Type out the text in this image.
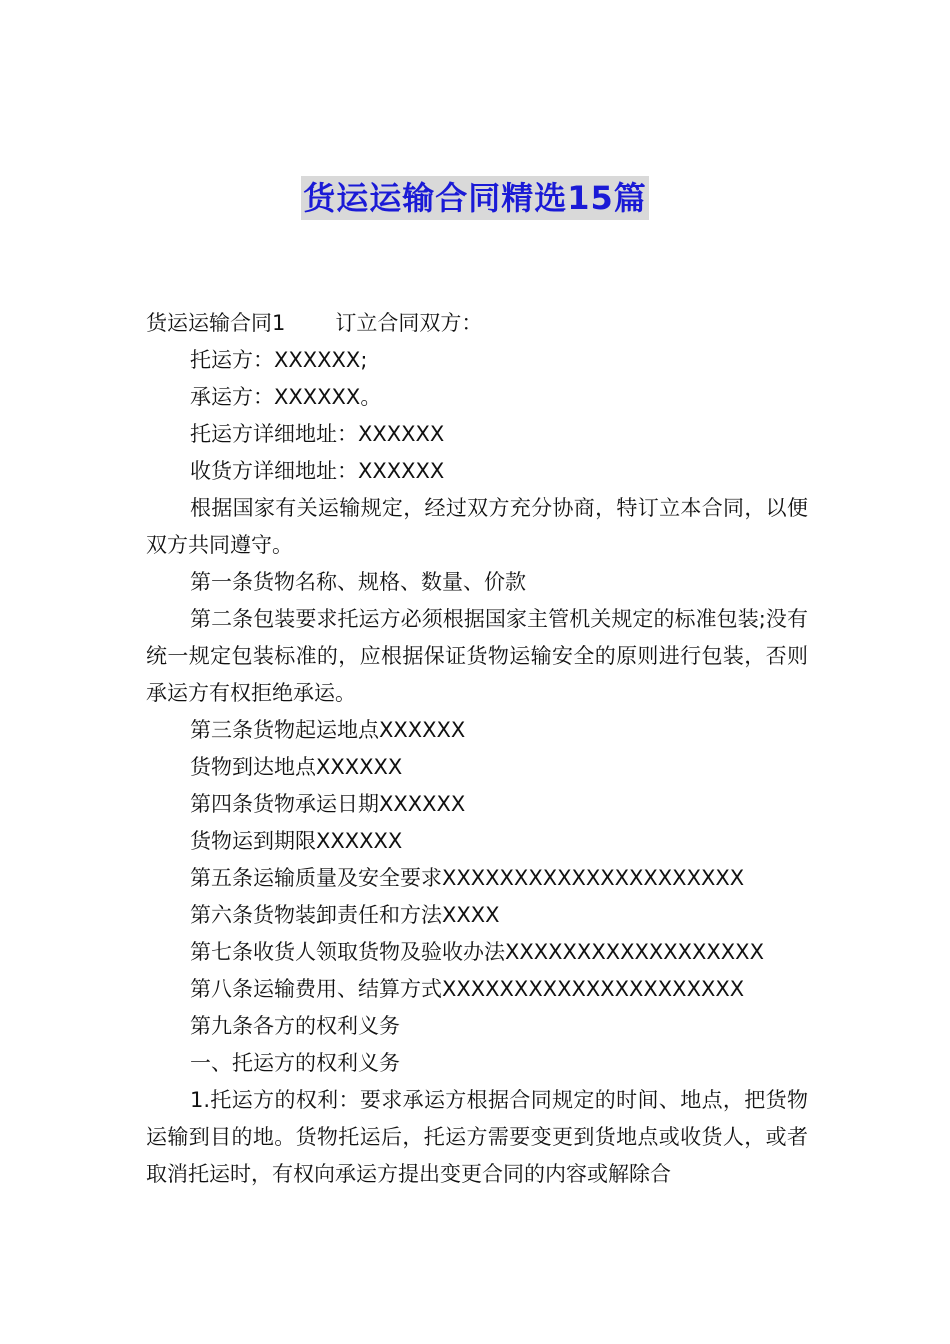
货运运输合同精选15篇

货运运输合同1 订立合同双方：

托运方：XXXXXX;

承运方：XXXXXX。

托运方详细地址：XXXXXX

收货方详细地址：XXXXXX

根据国家有关运输规定，经过双方充分协商，特订立本合同，以便双方共同遵守。

第一条货物名称、规格、数量、价款

第二条包装要求托运方必须根据国家主管机关规定的标准包装;没有统一规定包装标准的，应根据保证货物运输安全的原则进行包装，否则承运方有权拒绝承运。

第三条货物起运地点XXXXXX

货物到达地点XXXXXX

第四条货物承运日期XXXXXX

货物运到期限XXXXXX

第五条运输质量及安全要求XXXXXXXXXXXXXXXXXXXXX

第六条货物装卸责任和方法XXXX

第七条收货人领取货物及验收办法XXXXXXXXXXXXXXXXXX

第八条运输费用、结算方式XXXXXXXXXXXXXXXXXXXXX

第九条各方的权利义务

一、托运方的权利义务

1.托运方的权利：要求承运方根据合同规定的时间、地点，把货物运输到目的地。货物托运后，托运方需要变更到货地点或收货人，或者取消托运时，有权向承运方提出变更合同的内容或解除合
